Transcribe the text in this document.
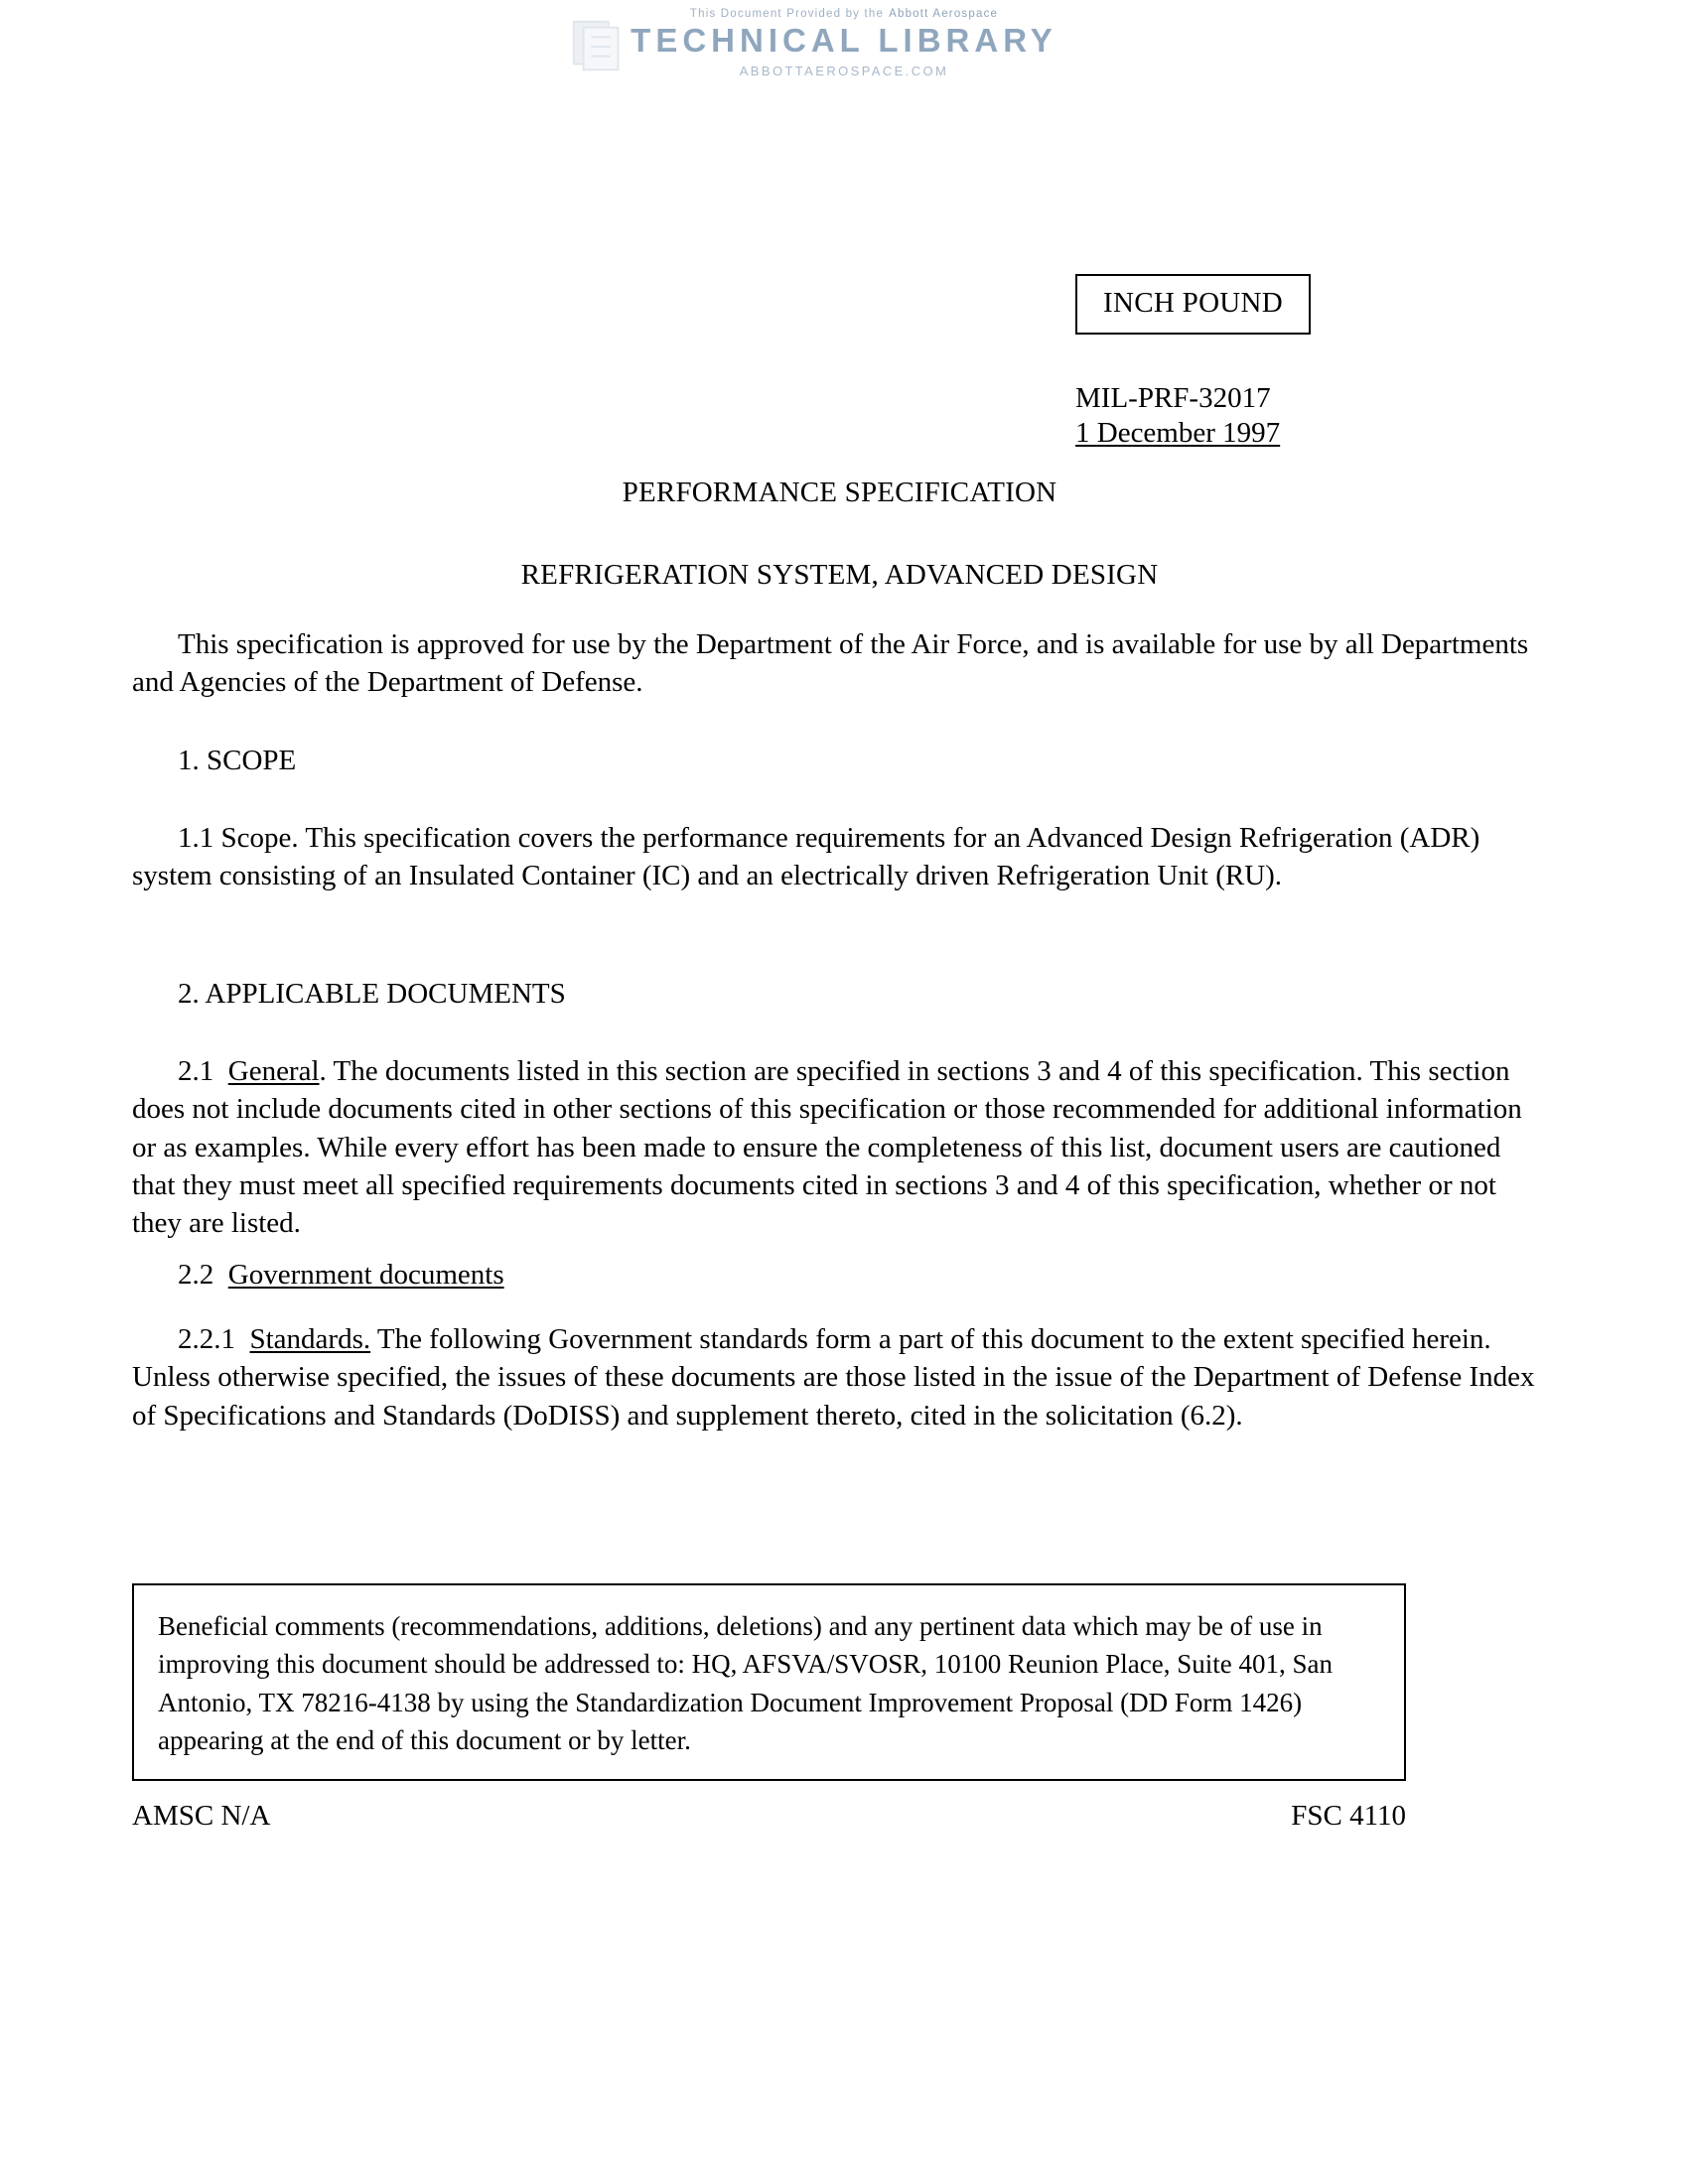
This Document Provided by the Abbott Aerospace
TECHNICAL LIBRARY
ABBOTTAEROSPACE.COM
INCH POUND
MIL-PRF-32017
1 December 1997
PERFORMANCE SPECIFICATION
REFRIGERATION SYSTEM, ADVANCED DESIGN
This specification is approved for use by the Department of the Air Force, and is available for use by all Departments and Agencies of the Department of Defense.
1. SCOPE
1.1 Scope. This specification covers the performance requirements for an Advanced Design Refrigeration (ADR) system consisting of an Insulated Container (IC) and an electrically driven Refrigeration Unit (RU).
2. APPLICABLE DOCUMENTS
2.1 General. The documents listed in this section are specified in sections 3 and 4 of this specification. This section does not include documents cited in other sections of this specification or those recommended for additional information or as examples. While every effort has been made to ensure the completeness of this list, document users are cautioned that they must meet all specified requirements documents cited in sections 3 and 4 of this specification, whether or not they are listed.
2.2 Government documents
2.2.1 Standards. The following Government standards form a part of this document to the extent specified herein. Unless otherwise specified, the issues of these documents are those listed in the issue of the Department of Defense Index of Specifications and Standards (DoDISS) and supplement thereto, cited in the solicitation (6.2).

Beneficial comments (recommendations, additions, deletions) and any pertinent data which may be of use in improving this document should be addressed to: HQ, AFSVA/SVOSR, 10100 Reunion Place, Suite 401, San Antonio, TX 78216-4138 by using the Standardization Document Improvement Proposal (DD Form 1426) appearing at the end of this document or by letter.

AMSC N/A	FSC 4110
